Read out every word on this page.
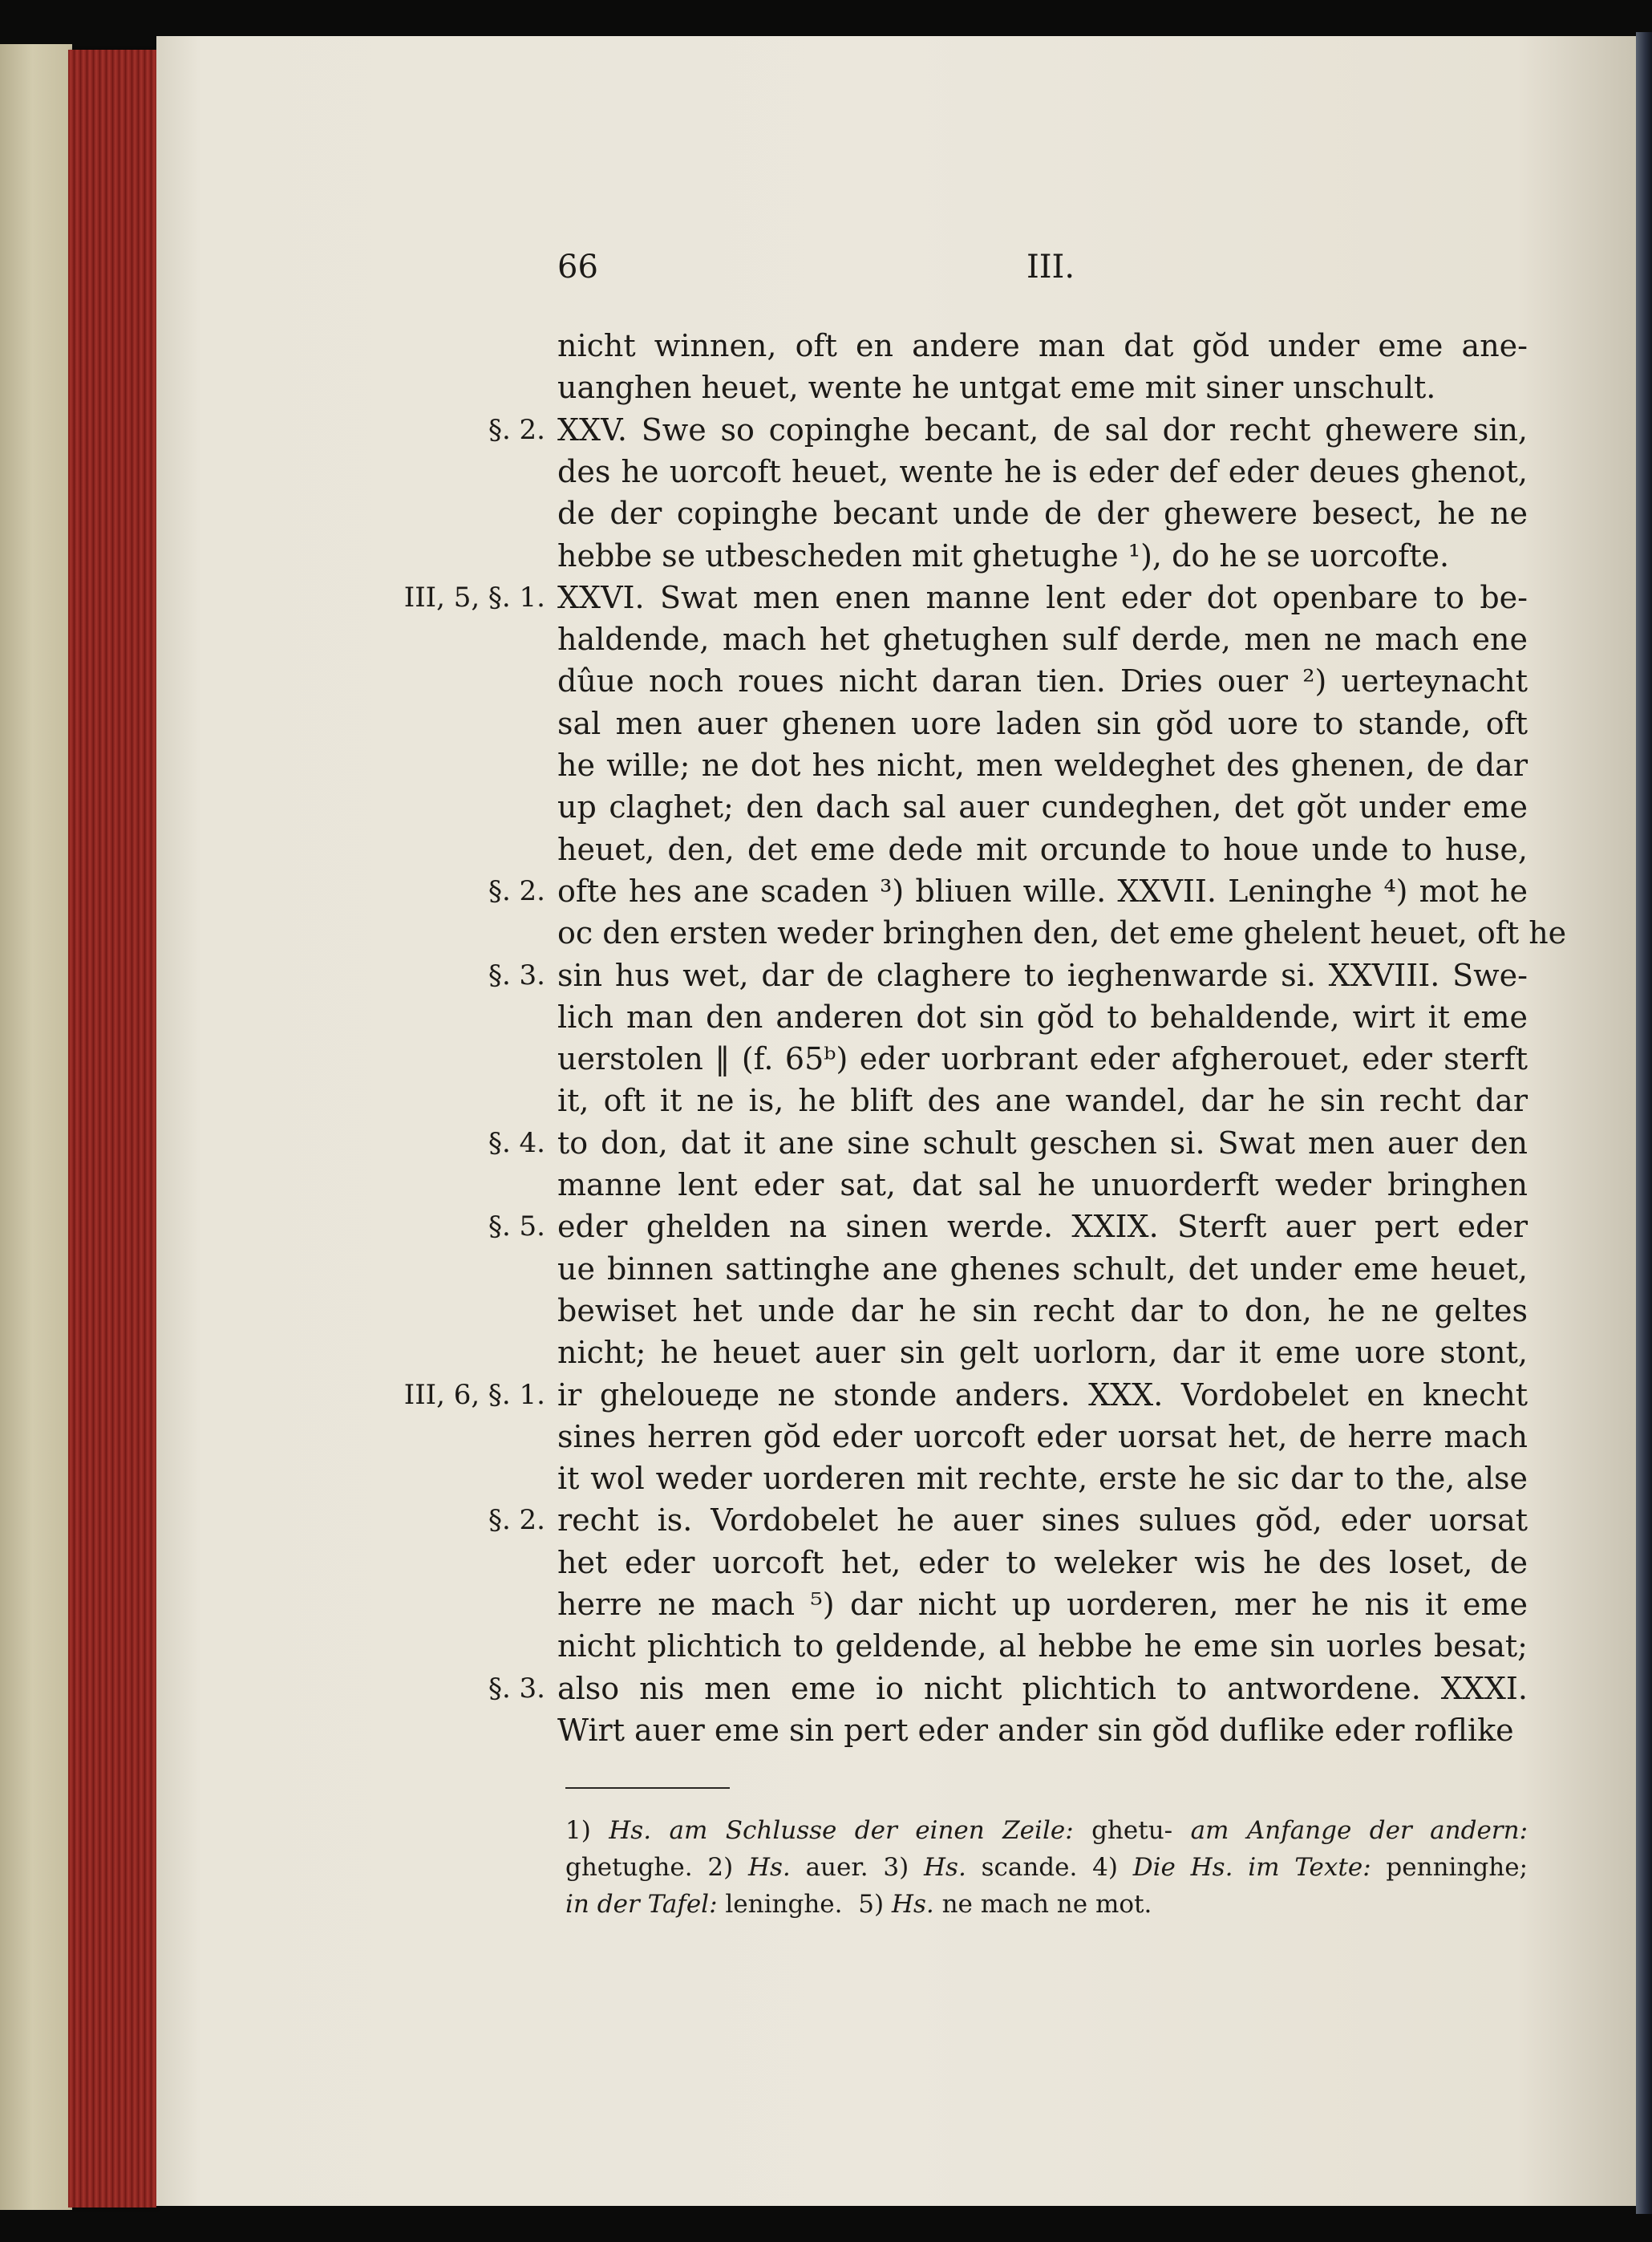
66	III.
nicht winnen, oft en andere man dat gŏd under eme ane-
uanghen heuet, wente he untgat eme mit siner unschult.
XXV. Swe so copinghe becant, de sal dor recht ghewere sin,
des he uorcoft heuet, wente he is eder def eder deues ghenot,
de der copinghe becant unde de der ghewere besect, he ne
hebbe se utbescheden mit ghetughe ¹), do he se uorcofte.
XXVI. Swat men enen manne lent eder dot openbare to be-
haldende, mach het ghetughen sulf derde, men ne mach ene
dûue noch roues nicht daran tien. Dries ouer ²) uerteynacht
sal men auer ghenen uore laden sin gŏd uore to stande, oft
he wille; ne dot hes nicht, men weldeghet des ghenen, de dar
up claghet; den dach sal auer cundeghen, det gŏt under eme
heuet, den, det eme dede mit orcunde to houe unde to huse,
ofte hes ane scaden ³) bliuen wille. XXVII. Leninghe ⁴) mot he
oc den ersten weder bringhen den, det eme ghelent heuet, oft he
sin hus wet, dar de claghere to ieghenwarde si. XXVIII. Swe-
lich man den anderen dot sin gŏd to behaldende, wirt it eme
uerstolen ‖ (f. 65ᵇ) eder uorbrant eder afgherouet, eder sterft
it, oft it ne is, he blift des ane wandel, dar he sin recht dar
to don, dat it ane sine schult geschen si. Swat men auer den
manne lent eder sat, dat sal he unuorderft weder bringhen
eder ghelden na sinen werde. XXIX. Sterft auer pert eder
ue binnen sattinghe ane ghenes schult, det under eme heuet,
bewiset het unde dar he sin recht dar to don, he ne geltes
nicht; he heuet auer sin gelt uorlorn, dar it eme uore stont,
ir gheloueде ne stonde anders. XXX. Vordobelet en knecht
sines herren gŏd eder uorcoft eder uorsat het, de herre mach
it wol weder uorderen mit rechte, erste he sic dar to the, alse
recht is. Vordobelet he auer sines sulues gŏd, eder uorsat
het eder uorcoft het, eder to weleker wis he des loset, de
herre ne mach ⁵) dar nicht up uorderen, mer he nis it eme
nicht plichtich to geldende, al hebbe he eme sin uorles besat;
also nis men eme io nicht plichtich to antwordene. XXXI.
Wirt auer eme sin pert eder ander sin gŏd duflike eder roflike
§. 2.
III, 5, §. 1.
§. 2.
§. 3.
§. 4.
§. 5.
III, 6, §. 1.
§. 2.
§. 3.
1) Hs. am Schlusse der einen Zeile: ghetu- am Anfange der andern:
ghetughe. 2) Hs. auer. 3) Hs. scande. 4) Die Hs. im Texte: penninghe;
in der Tafel: leninghe. 5) Hs. ne mach ne mot.
